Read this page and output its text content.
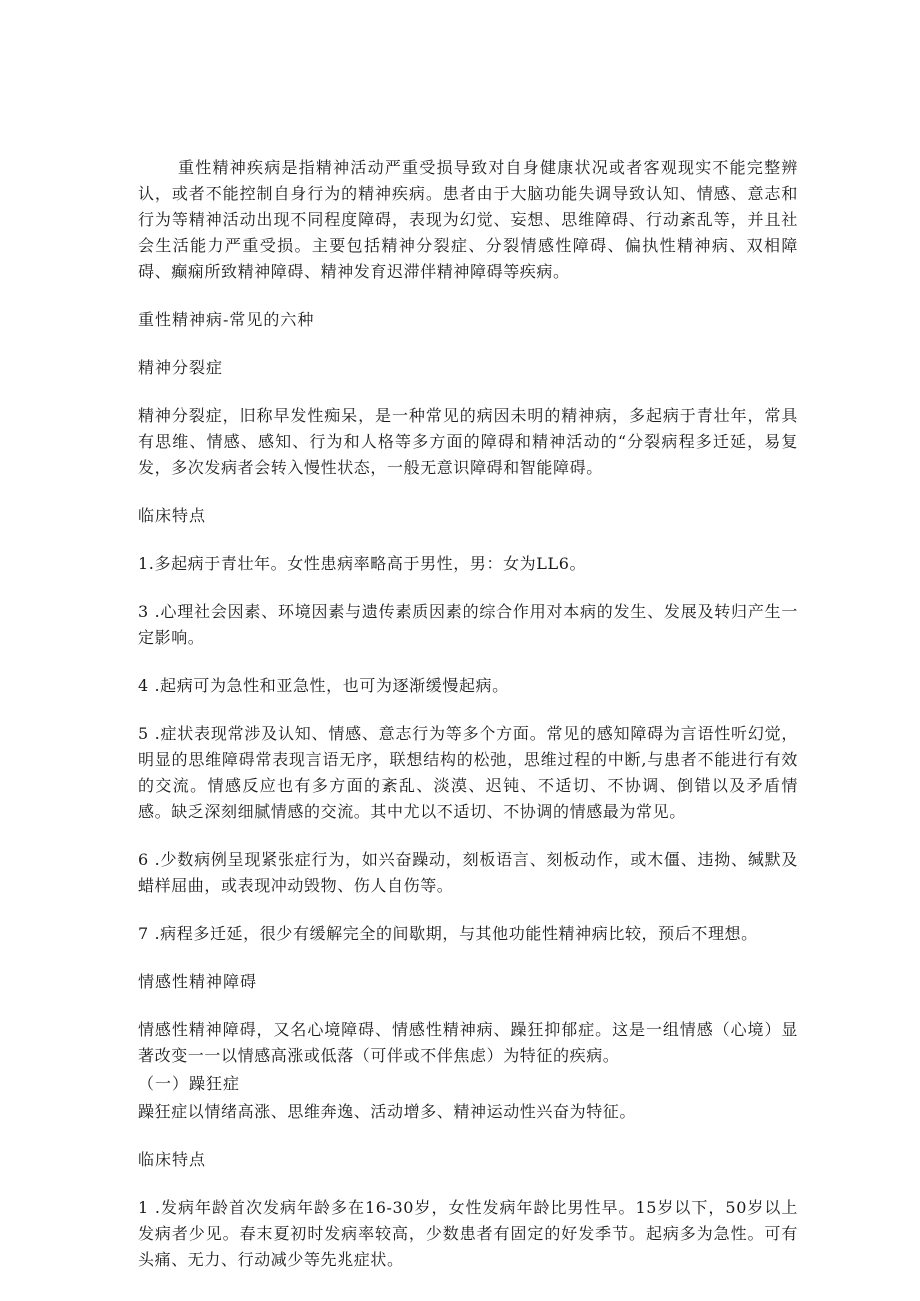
重性精神疾病是指精神活动严重受损导致对自身健康状况或者客观现实不能完整辨认，或者不能控制自身行为的精神疾病。患者由于大脑功能失调导致认知、情感、意志和行为等精神活动出现不同程度障碍，表现为幻觉、妄想、思维障碍、行动紊乱等，并且社会生活能力严重受损。主要包括精神分裂症、分裂情感性障碍、偏执性精神病、双相障碍、癫痫所致精神障碍、精神发育迟滞伴精神障碍等疾病。

重性精神病-常见的六种

精神分裂症

精神分裂症，旧称早发性痴呆，是一种常见的病因未明的精神病，多起病于青壮年，常具有思维、情感、感知、行为和人格等多方面的障碍和精神活动的“分裂病程多迁延，易复发，多次发病者会转入慢性状态，一般无意识障碍和智能障碍。

临床特点

1.多起病于青壮年。女性患病率略高于男性，男：女为LL6。

3 .心理社会因素、环境因素与遗传素质因素的综合作用对本病的发生、发展及转归产生一定影响。

4 .起病可为急性和亚急性，也可为逐渐缓慢起病。

5 .症状表现常涉及认知、情感、意志行为等多个方面。常见的感知障碍为言语性听幻觉，明显的思维障碍常表现言语无序，联想结构的松弛，思维过程的中断,与患者不能进行有效的交流。情感反应也有多方面的紊乱、淡漠、迟钝、不适切、不协调、倒错以及矛盾情感。缺乏深刻细腻情感的交流。其中尤以不适切、不协调的情感最为常见。

6 .少数病例呈现紧张症行为，如兴奋躁动，刻板语言、刻板动作，或木僵、违拗、缄默及蜡样屈曲，或表现冲动毁物、伤人自伤等。

7 .病程多迁延，很少有缓解完全的间歇期，与其他功能性精神病比较，预后不理想。

情感性精神障碍

情感性精神障碍，又名心境障碍、情感性精神病、躁狂抑郁症。这是一组情感（心境）显著改变一一以情感高涨或低落（可伴或不伴焦虑）为特征的疾病。

（一）躁狂症

躁狂症以情绪高涨、思维奔逸、活动增多、精神运动性兴奋为特征。

临床特点

1 .发病年龄首次发病年龄多在16-30岁，女性发病年龄比男性早。15岁以下，50岁以上发病者少见。春末夏初时发病率较高，少数患者有固定的好发季节。起病多为急性。可有头痛、无力、行动减少等先兆症状。
